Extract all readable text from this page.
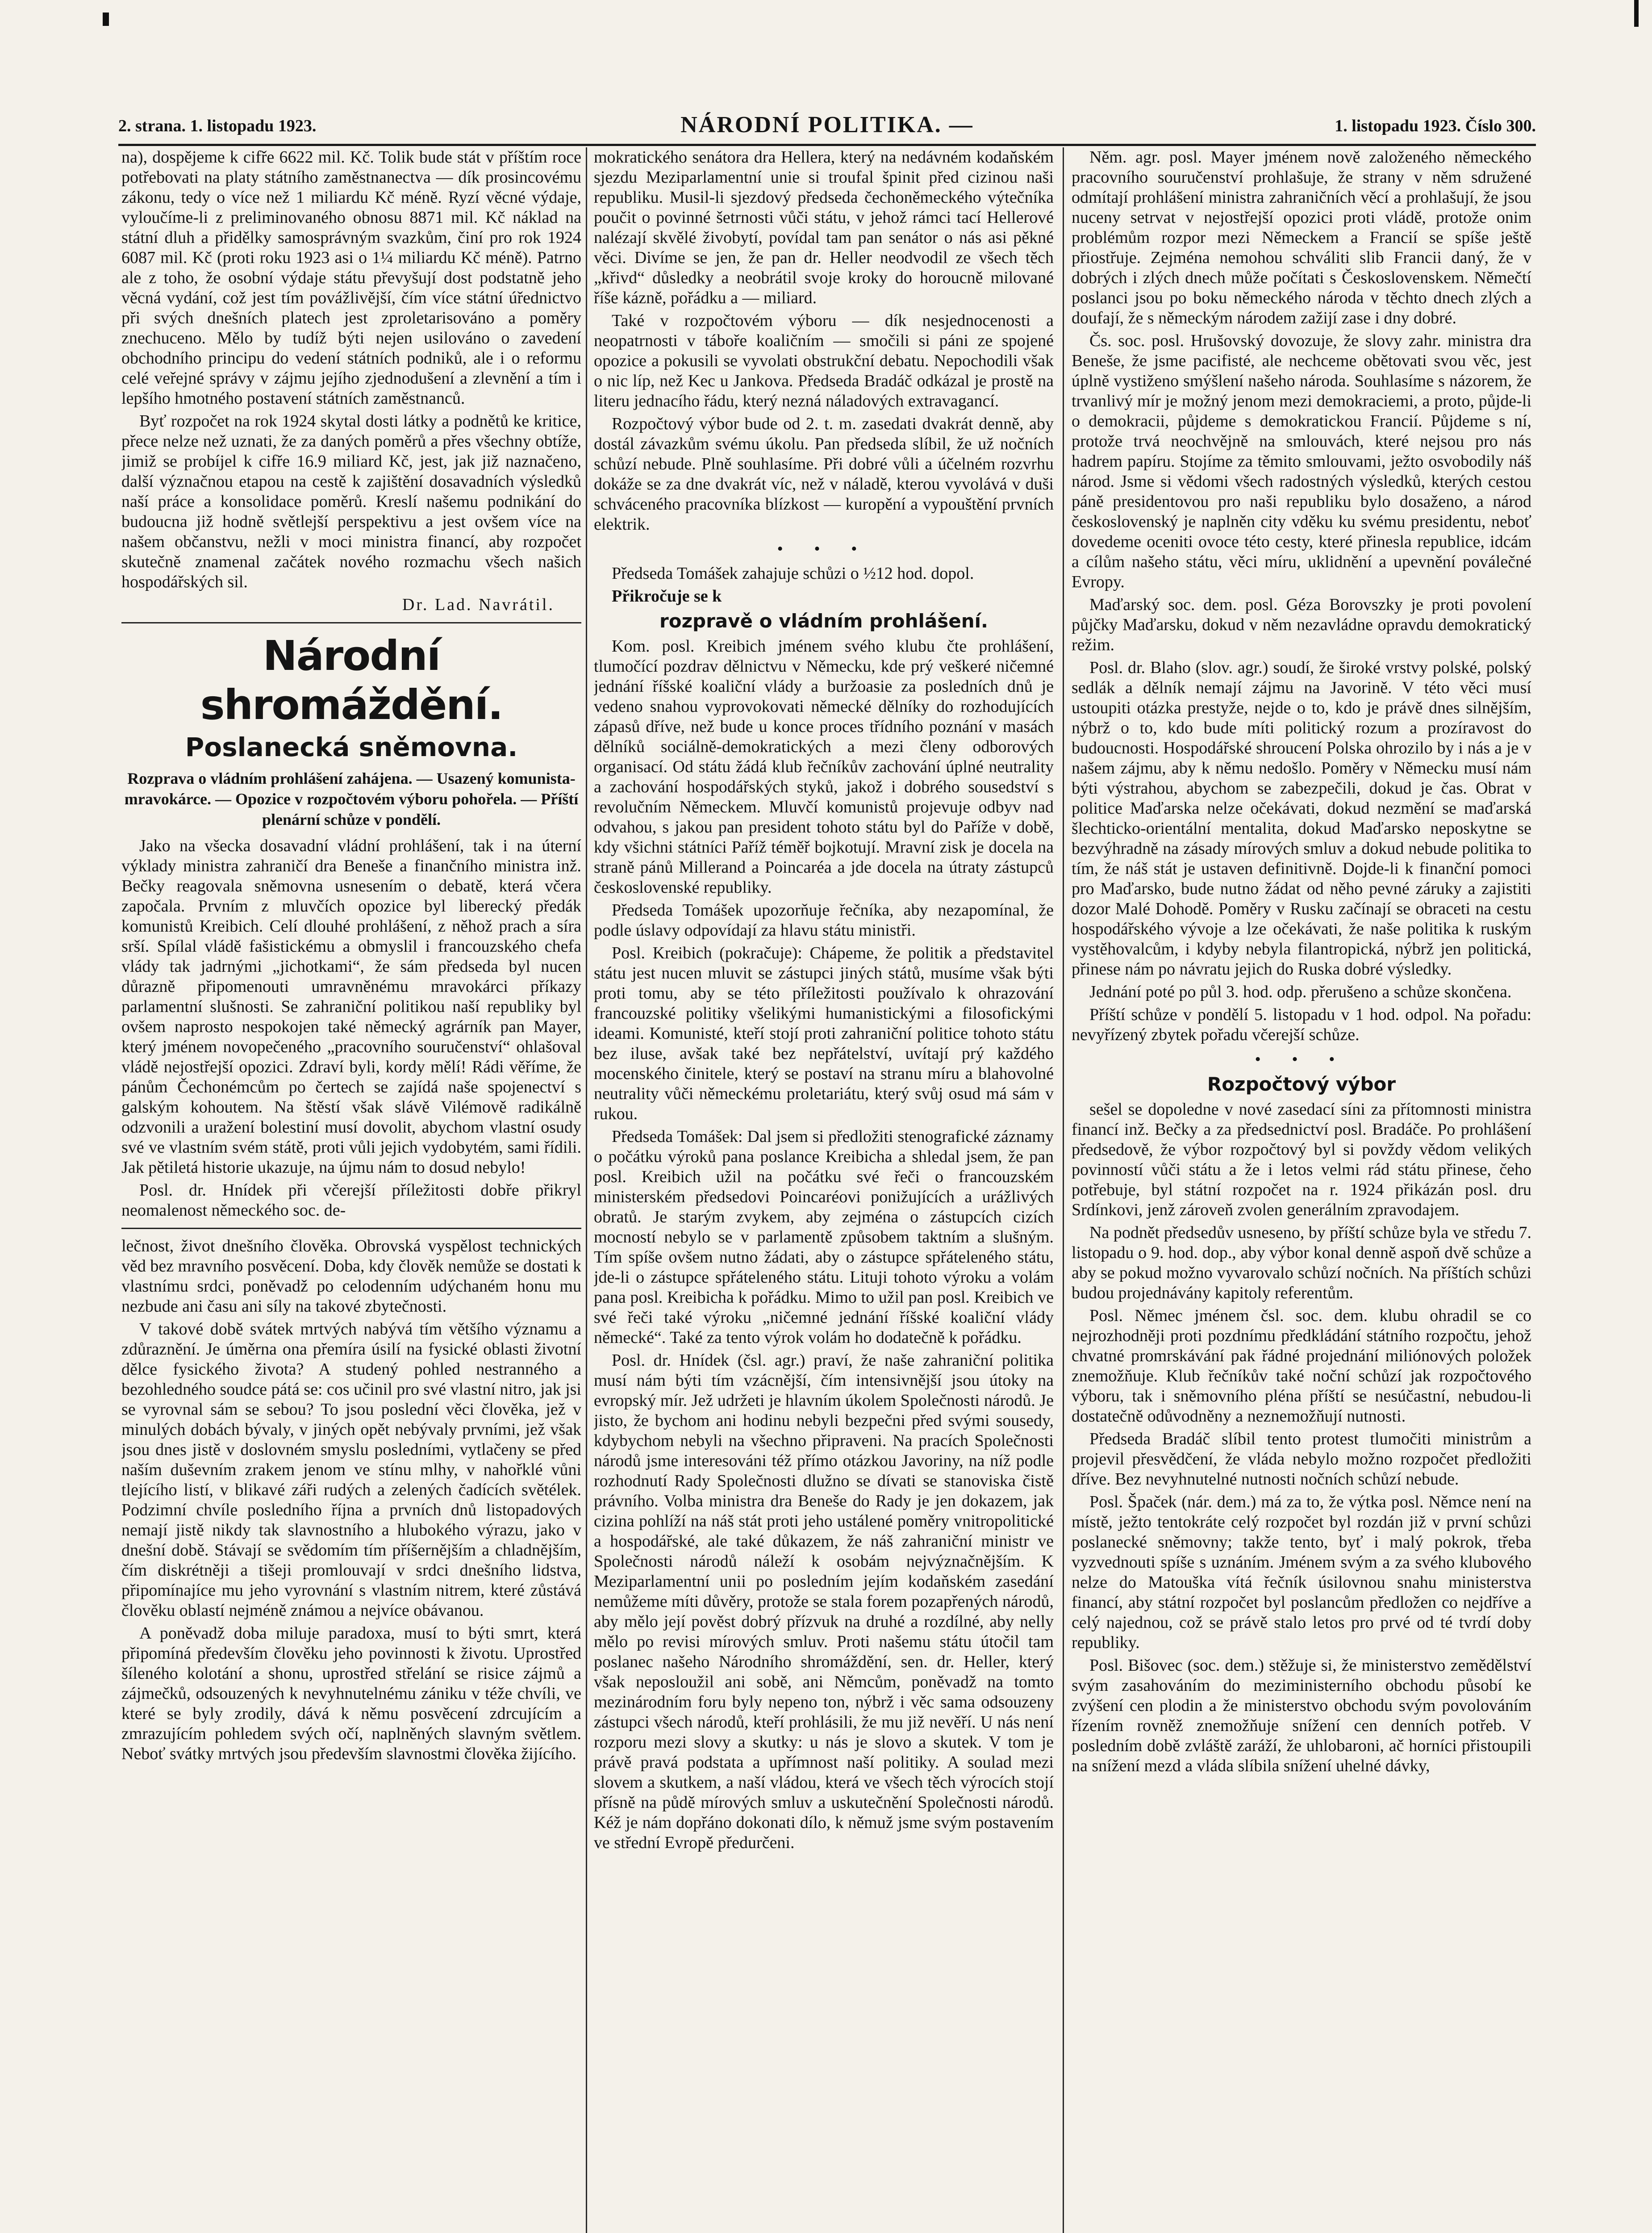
2. strana. 1. listopadu 1923.	NÁRODNÍ POLITIKA. —	1. listopadu 1923. Číslo 300.

na), dospějeme k cifře 6622 mil. Kč. Tolik bude stát v příštím roce potřebovati na platy státního zaměstnanectva — dík prosincovému zákonu, tedy o více než 1 miliardu Kč méně. Ryzí věcné výdaje, vyloučíme-li z preliminovaného obnosu 8871 mil. Kč náklad na státní dluh a přidělky samosprávným svazkům, činí pro rok 1924 6087 mil. Kč (proti roku 1923 asi o 1¼ miliardu Kč méně). Patrno ale z toho, že osobní výdaje státu převyšují dost podstatně jeho věcná vydání, což jest tím povážlivější, čím více státní úřednictvo při svých dnešních platech jest zproletarisováno a poměry znechuceno. Mělo by tudíž býti nejen usilováno o zavedení obchodního principu do vedení státních podniků, ale i o reformu celé veřejné správy v zájmu jejího zjednodušení a zlevnění a tím i lepšího hmotného postavení státních zaměstnanců.

Byť rozpočet na rok 1924 skytal dosti látky a podnětů ke kritice, přece nelze než uznati, že za daných poměrů a přes všechny obtíže, jimiž se probíjel k cifře 16.9 miliard Kč, jest, jak již naznačeno, další význačnou etapou na cestě k zajištění dosavadních výsledků naší práce a konsolidace poměrů. Kreslí našemu podnikání do budoucna již hodně světlejší perspektivu a jest ovšem více na našem občanstvu, nežli v moci ministra financí, aby rozpočet skutečně znamenal začátek nového rozmachu všech našich hospodářských sil.

Dr. Lad. Navrátil.
Národní shromáždění.
Poslanecká sněmovna.
Rozprava o vládním prohlášení zahájena. — Usazený komunista-mravokárce. — Opozice v rozpočtovém výboru pohořela. — Příští plenární schůze v pondělí.

Jako na všecka dosavadní vládní prohlášení, tak i na úterní výklady ministra zahraničí dra Beneše a finančního ministra inž. Bečky reagovala sněmovna usnesením o debatě, která včera započala. Prvním z mluvčích opozice byl liberecký předák komunistů Kreibich. Celí dlouhé prohlášení, z něhož prach a síra srší. Spílal vládě fašistickému a obmyslil i francouzského chefa vlády tak jadrnými „jichotkami“, že sám předseda byl nucen důrazně připomenouti umravněnému mravokárci příkazy parlamentní slušnosti. Se zahraniční politikou naší republiky byl ovšem naprosto nespokojen také německý agrárník pan Mayer, který jménem novopečeného „pracovního souručenství“ ohlašoval vládě nejostřejší opozici. Zdraví byli, kordy mělí! Rádi věříme, že pánům Čechonémcům po čertech se zajídá naše spojenectví s galským kohoutem. Na štěstí však slávě Vilémově radikálně odzvonili a uražení bolestiní musí dovolit, abychom vlastní osudy své ve vlastním svém státě, proti vůli jejich vydobytém, sami řídili. Jak pětiletá historie ukazuje, na újmu nám to dosud nebylo!

Posl. dr. Hnídek při včerejší příležitosti dobře přikryl neomalenost německého soc. de-

lečnost, život dnešního člověka. Obrovská vyspělost technických věd bez mravního posvěcení. Doba, kdy člověk nemůže se dostati k vlastnímu srdci, poněvadž po celodenním udýchaném honu mu nezbude ani času ani síly na takové zbytečnosti.

V takové době svátek mrtvých nabývá tím většího významu a zdůraznění. Je úměrna ona přemíra úsilí na fysické oblasti životní dělce fysického života? A studený pohled nestranného a bezohledného soudce pátá se: cos učinil pro své vlastní nitro, jak jsi se vyrovnal sám se sebou? To jsou poslední věci člověka, jež v minulých dobách bývaly, v jiných opět nebývaly prvními, jež však jsou dnes jistě v doslovném smyslu posledními, vytlačeny se před naším duševním zrakem jenom ve stínu mlhy, v nahořklé vůni tlejícího listí, v blikavé záři rudých a zelených čadících světélek. Podzimní chvíle posledního října a prvních dnů listopadových nemají jistě nikdy tak slavnostního a hlubokého výrazu, jako v dnešní době. Stávají se svědomím tím příšernějším a chladnějším, čím diskrétněji a tišeji promlouvají v srdci dnešního lidstva, připomínajíce mu jeho vyrovnání s vlastním nitrem, které zůstává člověku oblastí nejméně známou a nejvíce obávanou.

A poněvadž doba miluje paradoxa, musí to býti smrt, která připomíná především člověku jeho povinnosti k životu. Uprostřed šíleného kolotání a shonu, uprostřed střelání se risice zájmů a zájmečků, odsouzených k nevyhnutelnému zániku v téže chvíli, ve které se byly zrodily, dává k němu posvěcení zdrcujícím a zmrazujícím pohledem svých očí, naplněných slavným světlem. Neboť svátky mrtvých jsou především slavnostmi člověka žijícího.

mokratického senátora dra Hellera, který na nedávném kodaňském sjezdu Meziparlamentní unie si troufal špinit před cizinou naši republiku. Musil-li sjezdový předseda čechoněmeckého výtečníka poučit o povinné šetrnosti vůči státu, v jehož rámci tací Hellerové nalézají skvělé živobytí, povídal tam pan senátor o nás asi pěkné věci. Divíme se jen, že pan dr. Heller neodvodil ze všech těch „křivd“ důsledky a neobrátil svoje kroky do horoucně milované říše kázně, pořádku a — miliard.

Také v rozpočtovém výboru — dík nesjednocenosti a neopatrnosti v táboře koaličním — smočili si páni ze spojené opozice a pokusili se vyvolati obstrukční debatu. Nepochodili však o nic líp, než Kec u Jankova. Předseda Bradáč odkázal je prostě na literu jednacího řádu, který nezná náladových extravagancí.

Rozpočtový výbor bude od 2. t. m. zasedati dvakrát denně, aby dostál závazkům svému úkolu. Pan předseda slíbil, že už nočních schůzí nebude. Plně souhlasíme. Při dobré vůli a účelném rozvrhu dokáže se za dne dvakrát víc, než v náladě, kterou vyvolává v duši schváceného pracovníka blízkost — kuropění a vypouštění prvních elektrik.

• • •

Předseda Tomášek zahajuje schůzi o ½12 hod. dopol.

Přikročuje se k

rozpravě o vládním prohlášení.

Kom. posl. Kreibich jménem svého klubu čte prohlášení, tlumočící pozdrav dělnictvu v Německu, kde prý veškeré ničemné jednání říšské koaliční vlády a buržoasie za posledních dnů je vedeno snahou vyprovokovati německé dělníky do rozhodujících zápasů dříve, než bude u konce proces třídního poznání v masách dělníků sociálně-demokratických a mezi členy odborových organisací. Od státu žádá klub řečníkův zachování úplné neutrality a zachování hospodářských styků, jakož i dobrého sousedství s revolučním Německem. Mluvčí komunistů projevuje odbyv nad odvahou, s jakou pan president tohoto státu byl do Paříže v době, kdy všichni státníci Paříž téměř bojkotují. Mravní zisk je docela na straně pánů Millerand a Poincaréa a jde docela na útraty zástupců československé republiky.

Předseda Tomášek upozorňuje řečníka, aby nezapomínal, že podle úslavy odpovídají za hlavu státu ministři.

Posl. Kreibich (pokračuje): Chápeme, že politik a představitel státu jest nucen mluvit se zástupci jiných států, musíme však býti proti tomu, aby se této příležitosti používalo k ohrazování francouzské politiky všelikými humanistickými a filosofickými ideami. Komunisté, kteří stojí proti zahraniční politice tohoto státu bez iluse, avšak také bez nepřátelství, uvítají prý každého mocenského činitele, který se postaví na stranu míru a blahovolné neutrality vůči německému proletariátu, který svůj osud má sám v rukou.

Předseda Tomášek: Dal jsem si předložiti stenografické záznamy o počátku výroků pana poslance Kreibicha a shledal jsem, že pan posl. Kreibich užil na počátku své řeči o francouzském ministerském předsedovi Poincaréovi ponižujících a urážlivých obratů. Je starým zvykem, aby zejména o zástupcích cizích mocností nebylo se v parlamentě způsobem taktním a slušným. Tím spíše ovšem nutno žádati, aby o zástupce spřáteleného státu, jde-li o zástupce spřáteleného státu. Lituji tohoto výroku a volám pana posl. Kreibicha k pořádku. Mimo to užil pan posl. Kreibich ve své řeči také výroku „ničemné jednání říšské koaliční vlády německé“. Také za tento výrok volám ho dodatečně k pořádku.

Posl. dr. Hnídek (čsl. agr.) praví, že naše zahraniční politika musí nám býti tím vzácnější, čím intensivnější jsou útoky na evropský mír. Jež udržeti je hlavním úkolem Společnosti národů. Je jisto, že bychom ani hodinu nebyli bezpečni před svými sousedy, kdybychom nebyli na všechno připraveni. Na pracích Společnosti národů jsme interesováni též přímo otázkou Javoriny, na níž podle rozhodnutí Rady Společnosti dlužno se dívati se stanoviska čistě právního. Volba ministra dra Beneše do Rady je jen dokazem, jak cizina pohlíží na náš stát proti jeho ustálené poměry vnitropolitické a hospodářské, ale také důkazem, že náš zahraniční ministr ve Společnosti národů náleží k osobám nejvýznačnějším. K Meziparlamentní unii po posledním jejím kodaňském zasedání nemůžeme míti důvěry, protože se stala forem pozapřených národů, aby mělo její pověst dobrý přízvuk na druhé a rozdílné, aby nelly mělo po revisi mírových smluv. Proti našemu státu útočil tam poslanec našeho Národního shromáždění, sen. dr. Heller, který však neposloužil ani sobě, ani Němcům, poněvadž na tomto mezinárodním foru byly nepeno ton, nýbrž i věc sama odsouzeny zástupci všech národů, kteří prohlásili, že mu již nevěří. U nás není rozporu mezi slovy a skutky: u nás je slovo a skutek. V tom je právě pravá podstata a upřímnost naší politiky. A soulad mezi slovem a skutkem, a naší vládou, která ve všech těch výrocích stojí přísně na půdě mírových smluv a uskutečnění Společnosti národů. Kéž je nám dopřáno dokonati dílo, k němuž jsme svým postavením ve střední Evropě předurčeni.

Něm. agr. posl. Mayer jménem nově založeného německého pracovního souručenství prohlašuje, že strany v něm sdružené odmítají prohlášení ministra zahraničních věcí a prohlašují, že jsou nuceny setrvat v nejostřejší opozici proti vládě, protože onim problémům rozpor mezi Německem a Francií se spíše ještě přiostřuje. Zejména nemohou schváliti slib Francii daný, že v dobrých i zlých dnech může počítati s Československem. Němečtí poslanci jsou po boku německého národa v těchto dnech zlých a doufají, že s německým národem zažijí zase i dny dobré.

Čs. soc. posl. Hrušovský dovozuje, že slovy zahr. ministra dra Beneše, že jsme pacifisté, ale nechceme obětovati svou věc, jest úplně vystiženo smýšlení našeho národa. Souhlasíme s názorem, že trvanlivý mír je možný jenom mezi demokraciemi, a proto, půjde-li o demokracii, půjdeme s demokratickou Francií. Půjdeme s ní, protože trvá neochvějně na smlouvách, které nejsou pro nás hadrem papíru. Stojíme za těmito smlouvami, ježto osvobodily náš národ. Jsme si vědomi všech radostných výsledků, kterých cestou páně presidentovou pro naši republiku bylo dosaženo, a národ československý je naplněn city vděku ku svému presidentu, neboť dovedeme oceniti ovoce této cesty, které přinesla republice, idcám a cílům našeho státu, věci míru, uklidnění a upevnění poválečné Evropy.

Maďarský soc. dem. posl. Géza Borovszky je proti povolení půjčky Maďarsku, dokud v něm nezavládne opravdu demokratický režim.

Posl. dr. Blaho (slov. agr.) soudí, že široké vrstvy polské, polský sedlák a dělník nemají zájmu na Javorině. V této věci musí ustoupiti otázka prestyže, nejde o to, kdo je právě dnes silnějším, nýbrž o to, kdo bude míti politický rozum a prozíravost do budoucnosti. Hospodářské shroucení Polska ohrozilo by i nás a je v našem zájmu, aby k němu nedošlo. Poměry v Německu musí nám býti výstrahou, abychom se zabezpečili, dokud je čas. Obrat v politice Maďarska nelze očekávati, dokud nezmění se maďarská šlechticko-orientální mentalita, dokud Maďarsko neposkytne se bezvýhradně na zásady mírových smluv a dokud nebude politika to tím, že náš stát je ustaven definitivně. Dojde-li k finanční pomoci pro Maďarsko, bude nutno žádat od něho pevné záruky a zajistiti dozor Malé Dohodě. Poměry v Rusku začínají se obraceti na cestu hospodářského vývoje a lze očekávati, že naše politika k ruským vystěhovalcům, i kdyby nebyla filantropická, nýbrž jen politická, přinese nám po návratu jejich do Ruska dobré výsledky.

Jednání poté po půl 3. hod. odp. přerušeno a schůze skončena.

Příští schůze v pondělí 5. listopadu v 1 hod. odpol. Na pořadu: nevyřízený zbytek pořadu včerejší schůze.

• • •
Rozpočtový výbor

sešel se dopoledne v nové zasedací síni za přítomnosti ministra financí inž. Bečky a za předsednictví posl. Bradáče. Po prohlášení předsedově, že výbor rozpočtový byl si povždy vědom velikých povinností vůči státu a že i letos velmi rád státu přinese, čeho potřebuje, byl státní rozpočet na r. 1924 přikázán posl. dru Srdínkovi, jenž zároveň zvolen generálním zpravodajem.

Na podnět předsedův usneseno, by příští schůze byla ve středu 7. listopadu o 9. hod. dop., aby výbor konal denně aspoň dvě schůze a aby se pokud možno vyvarovalo schůzí nočních. Na příštích schůzi budou projednávány kapitoly referentům.

Posl. Němec jménem čsl. soc. dem. klubu ohradil se co nejrozhodněji proti pozdnímu předkládání státního rozpočtu, jehož chvatné promrskávání pak řádné projednání miliónových položek znemožňuje. Klub řečníkův také noční schůzí jak rozpočtového výboru, tak i sněmovního pléna příští se nesúčastní, nebudou-li dostatečně odůvodněny a neznemožňují nutnosti.

Předseda Bradáč slíbil tento protest tlumočiti ministrům a projevil přesvědčení, že vláda nebylo možno rozpočet předložiti dříve. Bez nevyhnutelné nutnosti nočních schůzí nebude.

Posl. Špaček (nár. dem.) má za to, že výtka posl. Němce není na místě, ježto tentokráte celý rozpočet byl rozdán již v první schůzi poslanecké sněmovny; takže tento, byť i malý pokrok, třeba vyzvednouti spíše s uznáním. Jménem svým a za svého klubového nelze do Matouška vítá řečník úsilovnou snahu ministerstva financí, aby státní rozpočet byl poslancům předložen co nejdříve a celý najednou, což se právě stalo letos pro prvé od té tvrdí doby republiky.

Posl. Bišovec (soc. dem.) stěžuje si, že ministerstvo zemědělství svým zasahováním do meziministerního obchodu působí ke zvýšení cen plodin a že ministerstvo obchodu svým povolováním řízením rovněž znemožňuje snížení cen denních potřeb. V posledním době zvláště zaráží, že uhlobaroni, ač horníci přistoupili na snížení mezd a vláda slíbila snížení uhelné dávky,
